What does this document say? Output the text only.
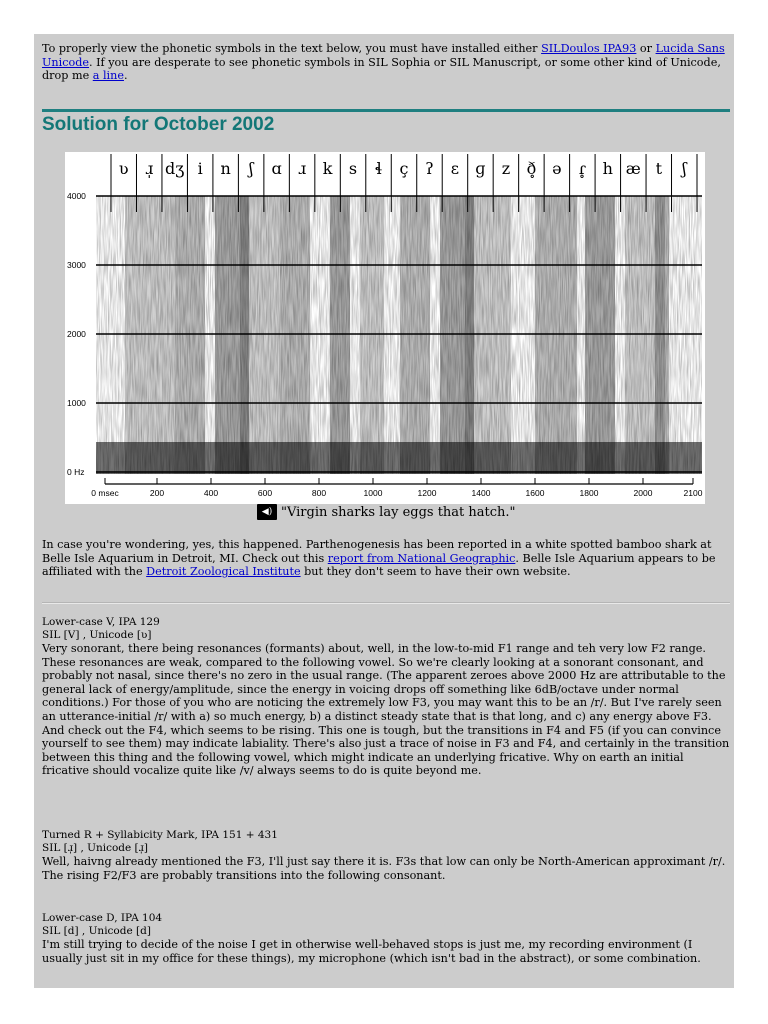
To properly view the phonetic symbols in the text below, you must have installed either SILDoulos IPA93 or Lucida Sans Unicode. If you are desperate to see phonetic symbols in SIL Sophia or SIL Manuscript, or some other kind of Unicode, drop me a line.
Solution for October 2002
ʋ ɹ̩ dʒ i n ʃ ɑ ɹ k s ɬ ç ʔ ɛ ɡ z ð̥ ə ɾ̥ h æ t ʃ
4000
3000
2000
1000
0 Hz
0 msec	200	400	600	800	1000	1200	1400	1600	1800	2000	2100
◀) "Virgin sharks lay eggs that hatch."
In case you're wondering, yes, this happened. Parthenogenesis has been reported in a white spotted bamboo shark at Belle Isle Aquarium in Detroit, MI. Check out this report from National Geographic. Belle Isle Aquarium appears to be affiliated with the Detroit Zoological Institute but they don't seem to have their own website.
Lower-case V, IPA 129
SIL [V] , Unicode [ʋ]

Very sonorant, there being resonances (formants) about, well, in the low-to-mid F1 range and teh very low F2 range. These resonances are weak, compared to the following vowel. So we're clearly looking at a sonorant consonant, and probably not nasal, since there's no zero in the usual range. (The apparent zeroes above 2000 Hz are attributable to the general lack of energy/amplitude, since the energy in voicing drops off something like 6dB/octave under normal conditions.) For those of you who are noticing the extremely low F3, you may want this to be an /r/. But I've rarely seen an utterance-initial /r/ with a) so much energy, b) a distinct steady state that is that long, and c) any energy above F3. And check out the F4, which seems to be rising. This one is tough, but the transitions in F4 and F5 (if you can convince yourself to see them) may indicate labiality. There's also just a trace of noise in F3 and F4, and certainly in the transition between this thing and the following vowel, which might indicate an underlying fricative. Why on earth an initial fricative should vocalize quite like /v/ always seems to do is quite beyond me.

Turned R + Syllabicity Mark, IPA 151 + 431
SIL [ɹ̩] , Unicode [ɹ̩]

Well, haivng already mentioned the F3, I'll just say there it is. F3s that low can only be North-American approximant /r/. The rising F2/F3 are probably transitions into the following consonant.

Lower-case D, IPA 104
SIL [d] , Unicode [d]

I'm still trying to decide of the noise I get in otherwise well-behaved stops is just me, my recording environment (I usually just sit in my office for these things), my microphone (which isn't bad in the abstract), or some combination.
